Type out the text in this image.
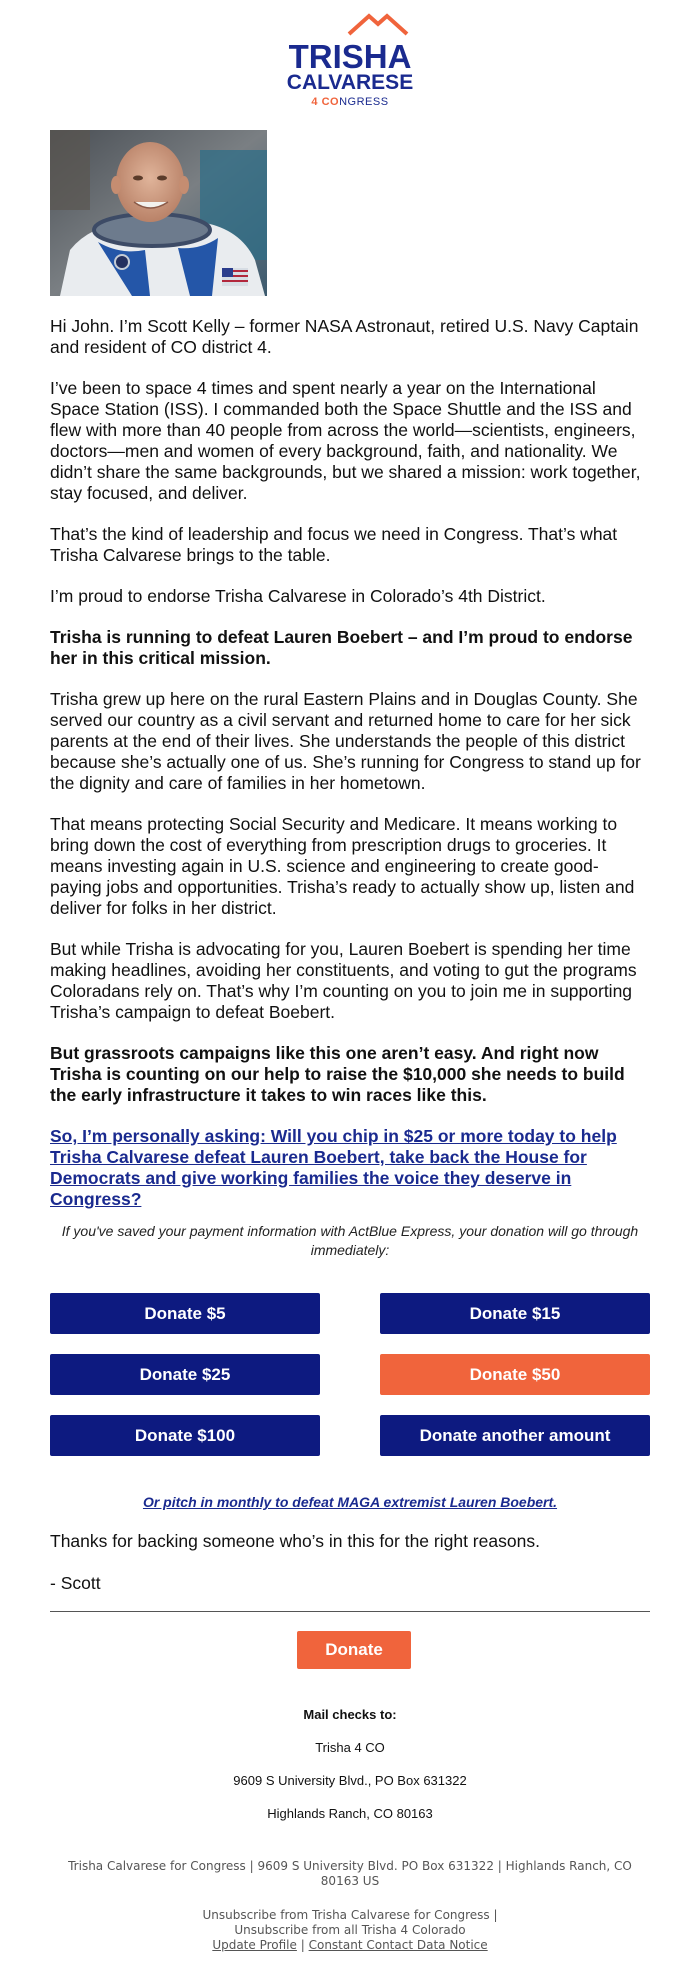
TRISHA
CALVARESE
4 CONGRESS

Hi John. I’m Scott Kelly – former NASA Astronaut, retired U.S. Navy Captain and resident of CO district 4.

I’ve been to space 4 times and spent nearly a year on the International Space Station (ISS). I commanded both the Space Shuttle and the ISS and flew with more than 40 people from across the world—scientists, engineers, doctors—men and women of every background, faith, and nationality. We didn’t share the same backgrounds, but we shared a mission: work together, stay focused, and deliver.

That’s the kind of leadership and focus we need in Congress. That’s what Trisha Calvarese brings to the table.

I’m proud to endorse Trisha Calvarese in Colorado’s 4th District.

Trisha is running to defeat Lauren Boebert – and I’m proud to endorse her in this critical mission.

Trisha grew up here on the rural Eastern Plains and in Douglas County. She served our country as a civil servant and returned home to care for her sick parents at the end of their lives. She understands the people of this district because she’s actually one of us. She’s running for Congress to stand up for the dignity and care of families in her hometown.

That means protecting Social Security and Medicare. It means working to bring down the cost of everything from prescription drugs to groceries. It means investing again in U.S. science and engineering to create good-paying jobs and opportunities. Trisha’s ready to actually show up, listen and deliver for folks in her district.

But while Trisha is advocating for you, Lauren Boebert is spending her time making headlines, avoiding her constituents, and voting to gut the programs Coloradans rely on. That’s why I’m counting on you to join me in supporting Trisha’s campaign to defeat Boebert.

But grassroots campaigns like this one aren’t easy. And right now Trisha is counting on our help to raise the $10,000 she needs to build the early infrastructure it takes to win races like this.

So, I’m personally asking: Will you chip in $25 or more today to help Trisha Calvarese defeat Lauren Boebert, take back the House for Democrats and give working families the voice they deserve in Congress?

If you've saved your payment information with ActBlue Express, your donation will go through immediately:
Donate $5	Donate $15
Donate $25	Donate $50
Donate $100	Donate another amount
Or pitch in monthly to defeat MAGA extremist Lauren Boebert.
Thanks for backing someone who’s in this for the right reasons.
- Scott
Donate
Mail checks to:
Trisha 4 CO
9609 S University Blvd., PO Box 631322
Highlands Ranch, CO 80163
Trisha Calvarese for Congress | 9609 S University Blvd. PO Box 631322 | Highlands Ranch, CO 80163 US
Unsubscribe from Trisha Calvarese for Congress |
Unsubscribe from all Trisha 4 Colorado
Update Profile | Constant Contact Data Notice
